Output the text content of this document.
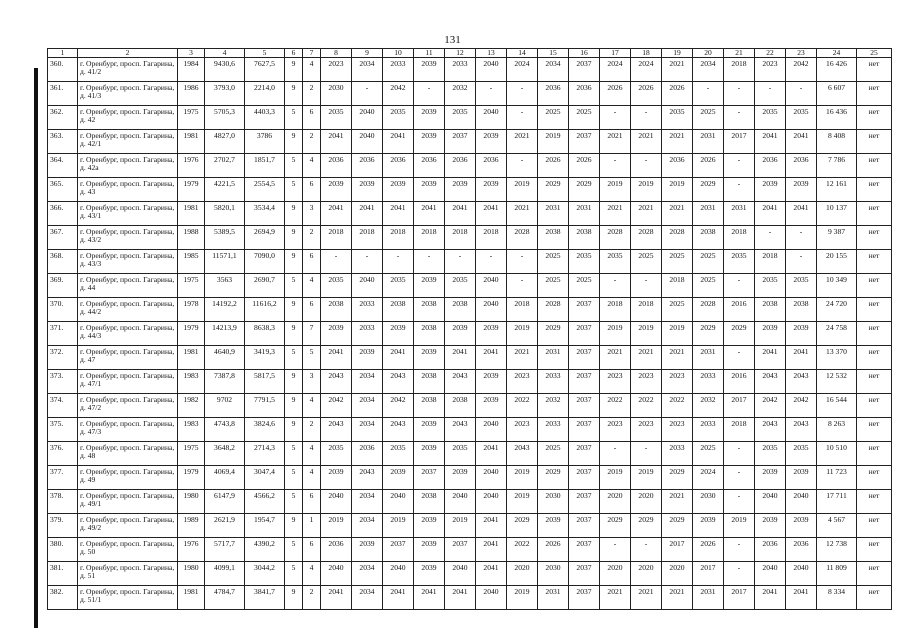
131
1	2	3	4	5	6	7	8	9	10	11	12	13	14	15	16	17	18	19	20	21	22	23	24	25
360.	г. Оренбург, просп. Гагарина, д. 41/2	1984	9430,6	7627,5	9	4	2023	2034	2033	2039	2033	2040	2024	2034	2037	2024	2024	2021	2034	2018	2023	2042	16 426	нет
361.	г. Оренбург, просп. Гагарина, д. 41/3	1986	3793,0	2214,0	9	2	2030	-	2042	-	2032	-	-	2036	2036	2026	2026	2026	-	-	-	-	6 607	нет
362.	г. Оренбург, просп. Гагарина, д. 42	1975	5705,3	4403,3	5	6	2035	2040	2035	2039	2035	2040	-	2025	2025	-	-	2035	2025	-	2035	2035	16 436	нет
363.	г. Оренбург, просп. Гагарина, д. 42/1	1981	4827,0	3786	9	2	2041	2040	2041	2039	2037	2039	2021	2019	2037	2021	2021	2021	2031	2017	2041	2041	8 408	нет
364.	г. Оренбург, просп. Гагарина, д. 42а	1976	2702,7	1851,7	5	4	2036	2036	2036	2036	2036	2036	-	2026	2026	-	-	2036	2026	-	2036	2036	7 786	нет
365.	г. Оренбург, просп. Гагарина, д. 43	1979	4221,5	2554,5	5	6	2039	2039	2039	2039	2039	2039	2019	2029	2029	2019	2019	2019	2029	-	2039	2039	12 161	нет
366.	г. Оренбург, просп. Гагарина, д. 43/1	1981	5820,1	3534,4	9	3	2041	2041	2041	2041	2041	2041	2021	2031	2031	2021	2021	2021	2031	2031	2041	2041	10 137	нет
367.	г. Оренбург, просп. Гагарина, д. 43/2	1988	5389,5	2694,9	9	2	2018	2018	2018	2018	2018	2018	2028	2038	2038	2028	2028	2028	2038	2018	-	-	9 387	нет
368.	г. Оренбург, просп. Гагарина, д. 43/3	1985	11571,1	7090,0	9	6	-	-	-	-	-	-	-	2025	2035	2035	2025	2025	2025	2035	2018	-	20 155	нет
369.	г. Оренбург, просп. Гагарина, д. 44	1975	3563	2690,7	5	4	2035	2040	2035	2039	2035	2040	-	2025	2025	-	-	2018	2025	-	2035	2035	10 349	нет
370.	г. Оренбург, просп. Гагарина, д. 44/2	1978	14192,2	11616,2	9	6	2038	2033	2038	2038	2038	2040	2018	2028	2037	2018	2018	2025	2028	2016	2038	2038	24 720	нет
371.	г. Оренбург, просп. Гагарина, д. 44/3	1979	14213,9	8638,3	9	7	2039	2033	2039	2038	2039	2039	2019	2029	2037	2019	2019	2019	2029	2029	2039	2039	24 758	нет
372.	г. Оренбург, просп. Гагарина, д. 47	1981	4640,9	3419,3	5	5	2041	2039	2041	2039	2041	2041	2021	2031	2037	2021	2021	2021	2031	-	2041	2041	13 370	нет
373.	г. Оренбург, просп. Гагарина, д. 47/1	1983	7387,8	5817,5	9	3	2043	2034	2043	2038	2043	2039	2023	2033	2037	2023	2023	2023	2033	2016	2043	2043	12 532	нет
374.	г. Оренбург, просп. Гагарина, д. 47/2	1982	9702	7791,5	9	4	2042	2034	2042	2038	2038	2039	2022	2032	2037	2022	2022	2022	2032	2017	2042	2042	16 544	нет
375.	г. Оренбург, просп. Гагарина, д. 47/3	1983	4743,8	3824,6	9	2	2043	2034	2043	2039	2043	2040	2023	2033	2037	2023	2023	2023	2033	2018	2043	2043	8 263	нет
376.	г. Оренбург, просп. Гагарина, д. 48	1975	3648,2	2714,3	5	4	2035	2036	2035	2039	2035	2041	2043	2025	2037	-	-	2033	2025	-	2035	2035	10 510	нет
377.	г. Оренбург, просп. Гагарина, д. 49	1979	4069,4	3047,4	5	4	2039	2043	2039	2037	2039	2040	2019	2029	2037	2019	2019	2029	2024	-	2039	2039	11 723	нет
378.	г. Оренбург, просп. Гагарина, д. 49/1	1980	6147,9	4566,2	5	6	2040	2034	2040	2038	2040	2040	2019	2030	2037	2020	2020	2021	2030	-	2040	2040	17 711	нет
379.	г. Оренбург, просп. Гагарина, д. 49/2	1989	2621,9	1954,7	9	1	2019	2034	2019	2039	2019	2041	2029	2039	2037	2029	2029	2029	2039	2019	2039	2039	4 567	нет
380.	г. Оренбург, просп. Гагарина, д. 50	1976	5717,7	4390,2	5	6	2036	2039	2037	2039	2037	2041	2022	2026	2037	-	-	2017	2026	-	2036	2036	12 738	нет
381.	г. Оренбург, просп. Гагарина, д. 51	1980	4099,1	3044,2	5	4	2040	2034	2040	2039	2040	2041	2020	2030	2037	2020	2020	2020	2017	-	2040	2040	11 809	нет
382.	г. Оренбург, просп. Гагарина, д. 51/1	1981	4784,7	3841,7	9	2	2041	2034	2041	2041	2041	2040	2019	2031	2037	2021	2021	2021	2031	2017	2041	2041	8 334	нет
